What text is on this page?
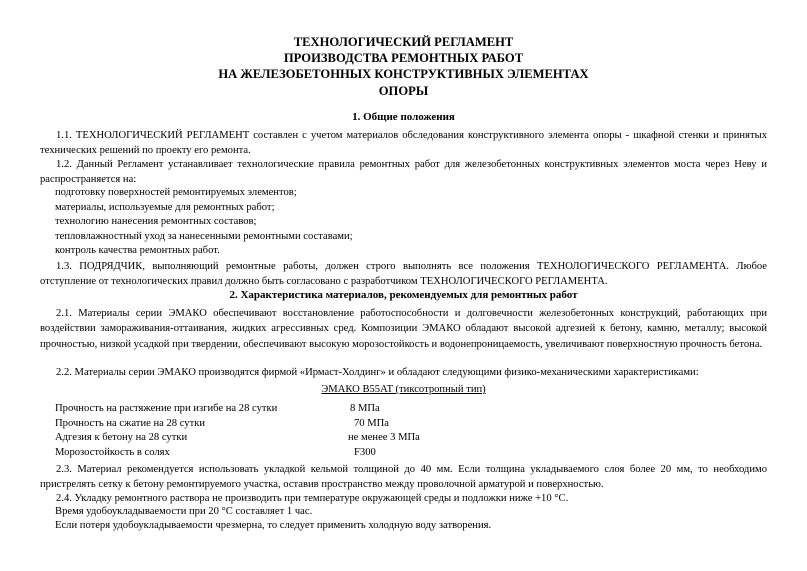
ТЕХНОЛОГИЧЕСКИЙ РЕГЛАМЕНТ
ПРОИЗВОДСТВА РЕМОНТНЫХ РАБОТ
НА ЖЕЛЕЗОБЕТОННЫХ КОНСТРУКТИВНЫХ ЭЛЕМЕНТАХ
ОПОРЫ
1. Общие положения
1.1. ТЕХНОЛОГИЧЕСКИЙ РЕГЛАМЕНТ составлен с учетом материалов обследования конструктивного элемента опоры - шкафной стенки и принятых технических решений по проекту его ремонта.
1.2. Данный Регламент устанавливает технологические правила ремонтных работ для железобетонных конструктивных элементов моста через Неву и распространяется на:
подготовку поверхностей ремонтируемых элементов;
материалы, используемые для ремонтных работ;
технологию нанесения ремонтных составов;
тепловлажностный уход за нанесенными ремонтными составами;
контроль качества ремонтных работ.
1.3. ПОДРЯДЧИК, выполняющий ремонтные работы, должен строго выполнять все положения ТЕХНОЛОГИЧЕСКОГО РЕГЛАМЕНТА. Любое отступление от технологических правил должно быть согласовано с разработчиком ТЕХНОЛОГИЧЕСКОГО РЕГЛАМЕНТА.
2. Характеристика материалов, рекомендуемых для ремонтных работ
2.1. Материалы серии ЭМАКО обеспечивают восстановление работоспособности и долговечности железобетонных конструкций, работающих при воздействии замораживания-оттаивания, жидких агрессивных сред. Композиции ЭМАКО обладают высокой адгезией к бетону, камню, металлу; высокой прочностью, низкой усадкой при твердении, обеспечивают высокую морозостойкость и водонепроницаемость, увеличивают поверхностную прочность бетона.
2.2. Материалы серии ЭМАКО производятся фирмой «Ирмаст-Холдинг» и обладают следующими физико-механическими характеристиками:
ЭМАКО B55AT (тиксотропный тип)
Прочность на растяжение при изгибе на 28 сутки	8 МПа
Прочность на сжатие на 28 сутки	70 МПа
Адгезия к бетону на 28 сутки	не менее 3 МПа
Морозостойкость в солях	F300
2.3. Материал рекомендуется использовать укладкой кельмой толщиной до 40 мм. Если толщина укладываемого слоя более 20 мм, то необходимо пристрелять сетку к бетону ремонтируемого участка, оставив пространство между проволочной арматурой и поверхностью.
2.4. Укладку ремонтного раствора не производить при температуре окружающей среды и подложки ниже +10 °С.
Время удобоукладываемости при 20 °С составляет 1 час.
Если потеря удобоукладываемости чрезмерна, то следует применить холодную воду затворения.
